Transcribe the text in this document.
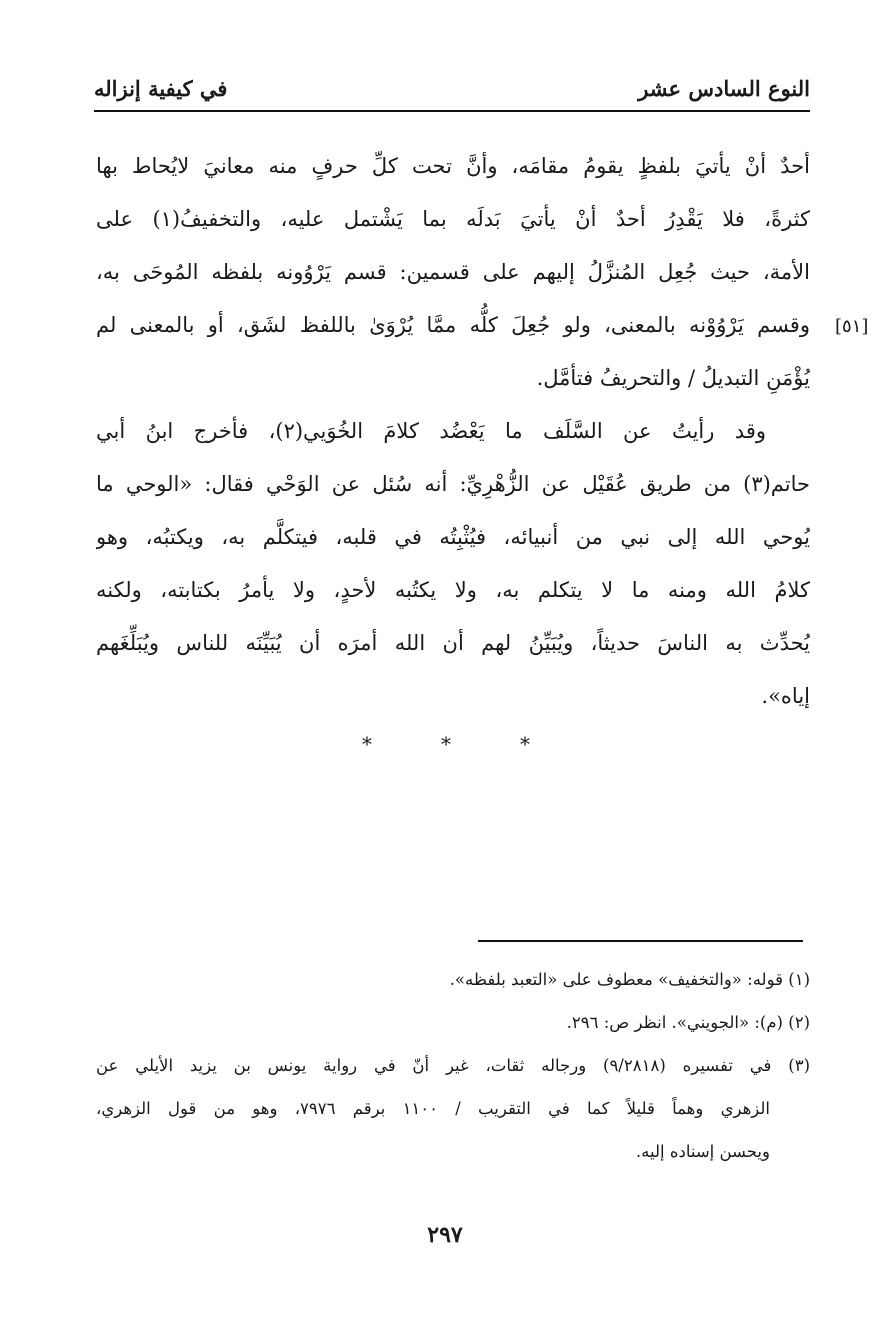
النوع السادس عشر
في كيفية إنزاله
أحدٌ أنْ يأتيَ بلفظٍ يقومُ مقامَه، وأنَّ تحت كلِّ حرفٍ منه معانيَ لايُحاط بها
كثرةً، فلا يَقْدِرُ أحدٌ أنْ يأتيَ بَدلَه بما يَشْتمل عليه، والتخفيفُ(١) على
الأمة، حيث جُعِل المُنزَّلُ إليهم على قسمين: قسم يَرْوُونه بلفظه المُوحَى به،
وقسم يَرْوُوْنه بالمعنى، ولو جُعِلَ كلُّه ممَّا يُرْوَىٰ باللفظ لشَق، أو بالمعنى لم
يُؤْمَنِ التبديلُ / والتحريفُ فتأمَّل.
وقد رأيتُ عن السَّلَف ما يَعْضُد كلامَ الخُوَيي(٢)، فأخرج ابنُ أبي
حاتم(٣) من طريق عُقَيْل عن الزُّهْرِيِّ: أنه سُئل عن الوَحْي فقال: «الوحي ما
يُوحي الله إلى نبي من أنبيائه، فيُثْبِتُه في قلبه، فيتكلَّم به، ويكتبُه، وهو
كلامُ الله ومنه ما لا يتكلم به، ولا يكتُبه لأحدٍ، ولا يأمرُ بكتابته، ولكنه
يُحدِّث به الناسَ حديثاً، ويُبَيِّنُ لهم أن الله أمرَه أن يُبَيِّنَه للناس ويُبَلِّغَهم
إياه».
[٥١]
*	*	*
(١) قوله: «والتخفيف» معطوف على «التعبد بلفظه».
(٢) (م): «الجويني». انظر ص: ٢٩٦.
(٣) في تفسيره (٩/٢٨١٨) ورجاله ثقات، غير أنّ في رواية يونس بن يزيد الأيلي عن
الزهري وهماً قليلاً كما في التقريب / ١١٠٠ برقم ٧٩٧٦، وهو من قول الزهري،
ويحسن إسناده إليه.
٢٩٧
